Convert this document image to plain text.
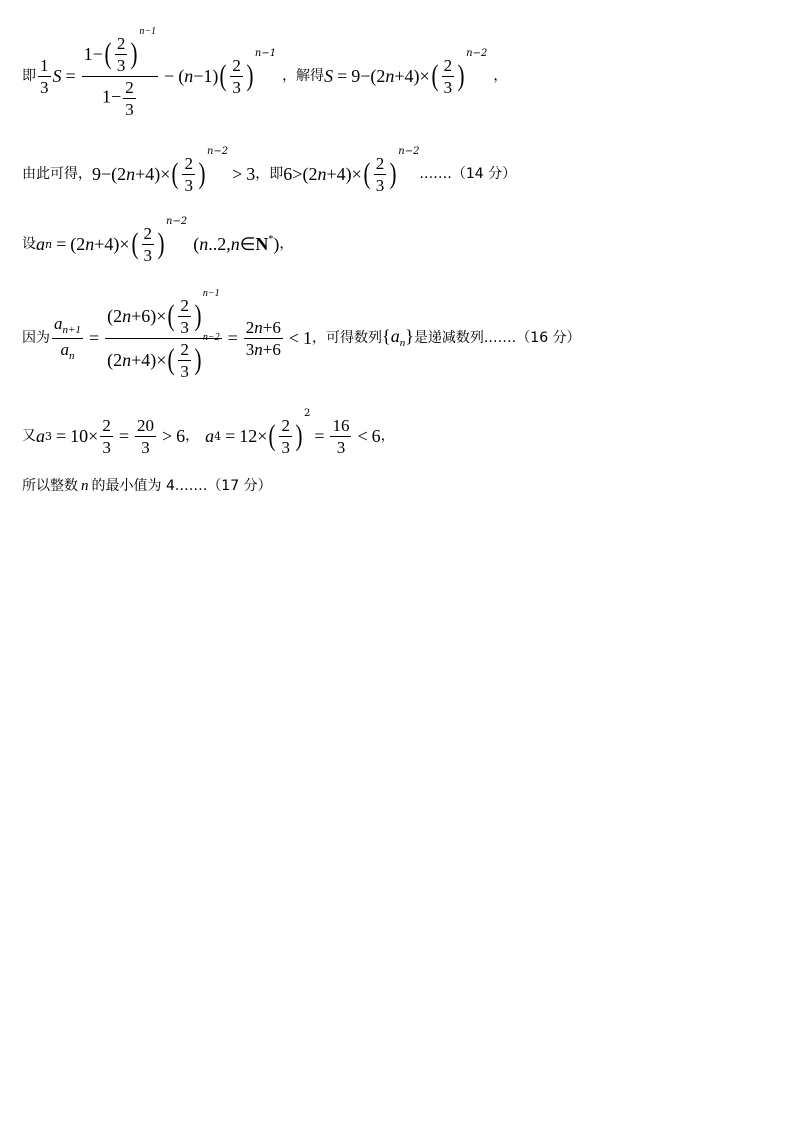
即 $\frac{1}{3}$ S = 1− ( $\frac{2}{3}$ )
$^{n-1}$
$1- \frac{2}{3} - (n-1)$ ( $\frac{2}{3}$ )
$^{n-1}$
，解得 S = 9−(2n+4)× ( $\frac{2}{3}$ )
$^{n-2}$
，
由此可得， 9−(2n+4)× ( $\frac{2}{3}$ )
$^{n-2}$
> 3 ，即 6>(2n+4)× ( $\frac{2}{3}$ )
$^{n-2}$
.…… （14 分）
设 a n = (2n+4)× ( $\frac{2}{3}$ )
$^{n-2}$
(n..2,n∈N*) ，
因为 $\frac{a_{n+1}}{a_n} = (2$ n +6)× ( $\frac{2}{3}$ )
$^{n-1}$
(2 n +4)× ( $\frac{2}{3}$ )
$^{n-2} = \frac{2n+6}{3n+6} < 1$ ，可得数列 $\{a_n\}$ 是递减数列. …… （16 分）
又 a $3 = 10\times \frac{2}{3} = \frac{20}{3} > 6$ ， a 4 = 12× ( $\frac{2}{3}$ )
$^2$
= $\frac{16}{3} < 6$ ，
所以整数 n 的最小值为 4. …… （17 分）
